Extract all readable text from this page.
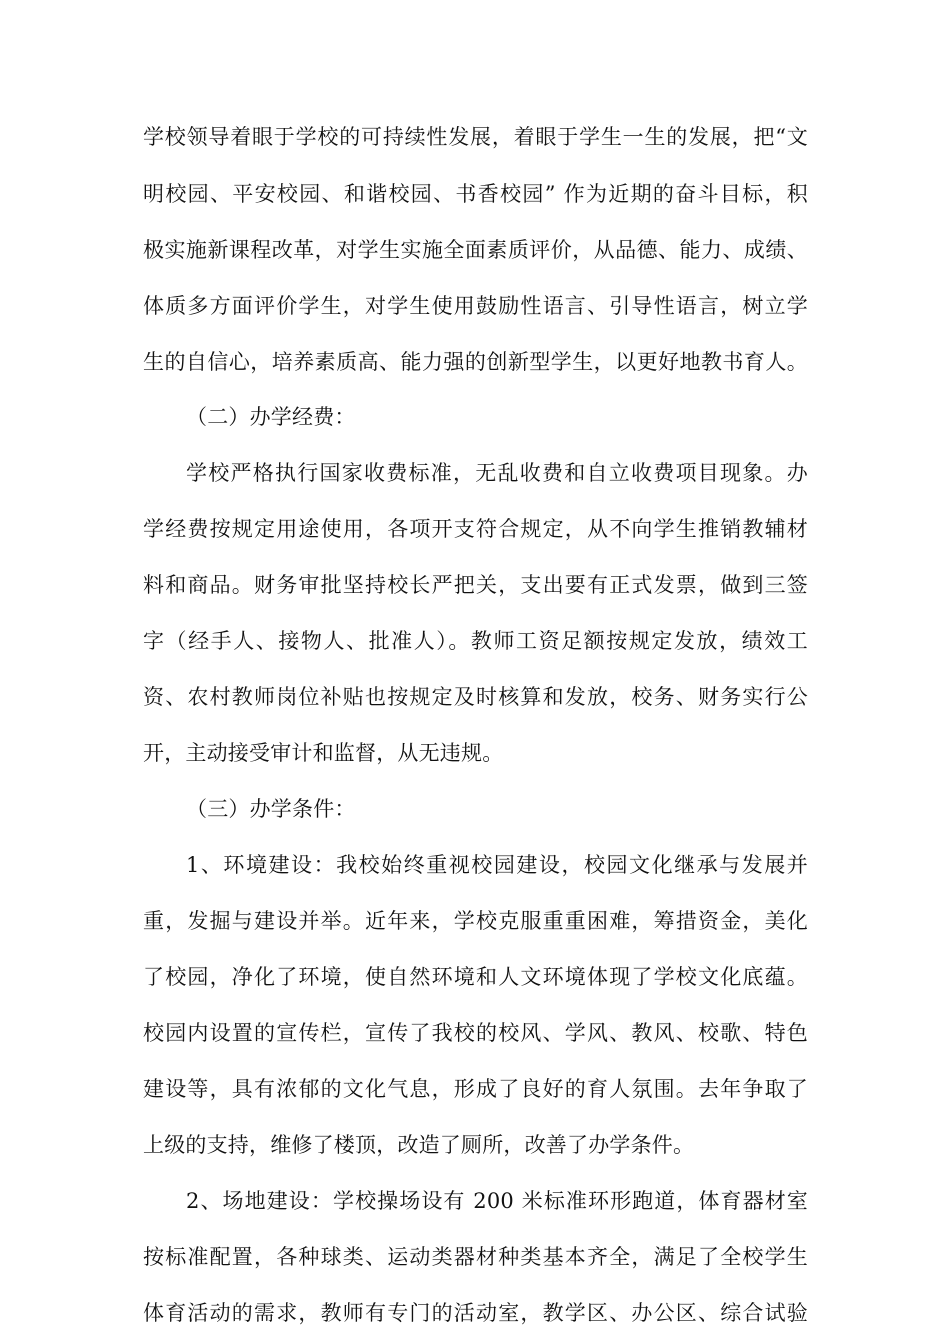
学校领导着眼于学校的可持续性发展，着眼于学生一生的发展，把“文
明校园、平安校园、和谐校园、书香校园” 作为近期的奋斗目标，积
极实施新课程改革，对学生实施全面素质评价，从品德、能力、成绩、
体质多方面评价学生，对学生使用鼓励性语言、引导性语言，树立学
生的自信心，培养素质高、能力强的创新型学生，以更好地教书育人。
（二）办学经费：
学校严格执行国家收费标准，无乱收费和自立收费项目现象。办
学经费按规定用途使用，各项开支符合规定，从不向学生推销教辅材
料和商品。财务审批坚持校长严把关，支出要有正式发票，做到三签
字（经手人、接物人、批准人）。教师工资足额按规定发放，绩效工
资、农村教师岗位补贴也按规定及时核算和发放，校务、财务实行公
开，主动接受审计和监督，从无违规。
（三）办学条件：
1、环境建设：我校始终重视校园建设，校园文化继承与发展并
重，发掘与建设并举。近年来，学校克服重重困难，筹措资金，美化
了校园，净化了环境，使自然环境和人文环境体现了学校文化底蕴。
校园内设置的宣传栏，宣传了我校的校风、学风、教风、校歌、特色
建设等，具有浓郁的文化气息，形成了良好的育人氛围。去年争取了
上级的支持，维修了楼顶，改造了厕所，改善了办学条件。
2、场地建设：学校操场设有 200 米标准环形跑道，体育器材室
按标准配置，各种球类、运动类器材种类基本齐全，满足了全校学生
体育活动的需求，教师有专门的活动室，教学区、办公区、综合试验
